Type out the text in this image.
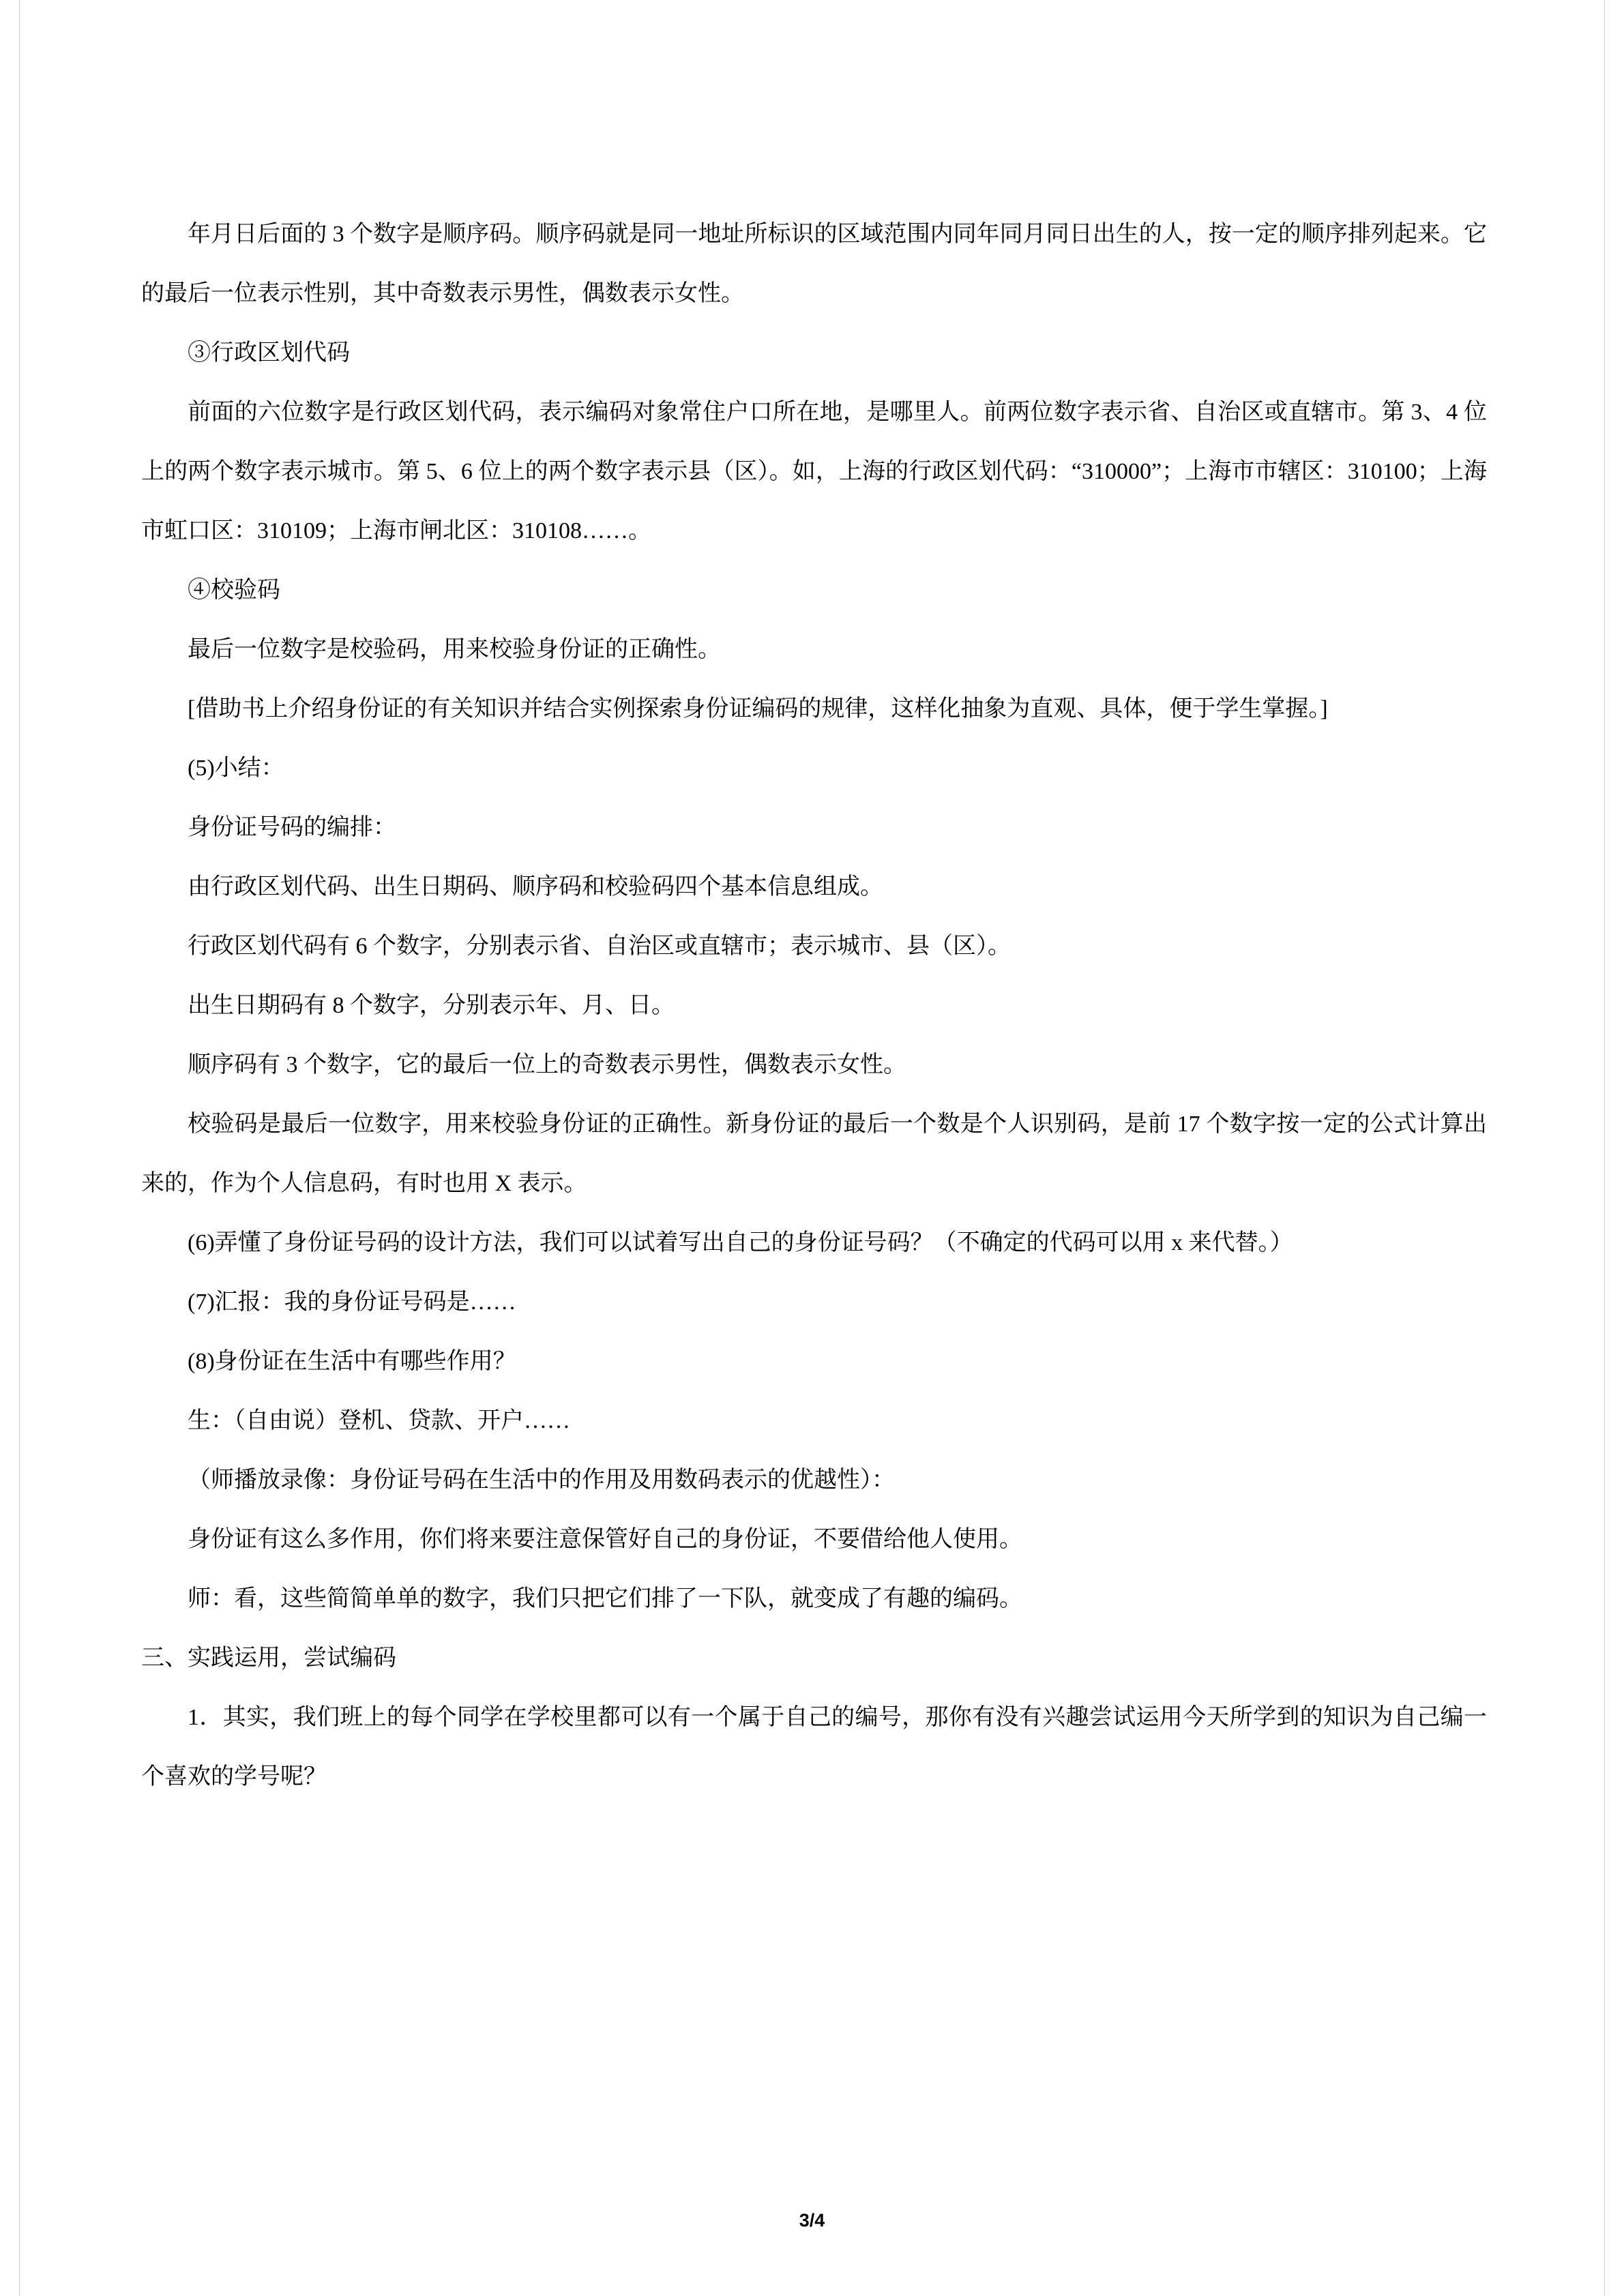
年月日后面的 3 个数字是顺序码。顺序码就是同一地址所标识的区域范围内同年同月同日出生的人，按一定的顺序排列起来。它的最后一位表示性别，其中奇数表示男性，偶数表示女性。

③行政区划代码

前面的六位数字是行政区划代码，表示编码对象常住户口所在地，是哪里人。前两位数字表示省、自治区或直辖市。第 3、4 位上的两个数字表示城市。第 5、6 位上的两个数字表示县（区）。如，上海的行政区划代码：“310000”；上海市市辖区：310100；上海市虹口区：310109；上海市闸北区：310108……。

④校验码

最后一位数字是校验码，用来校验身份证的正确性。

[借助书上介绍身份证的有关知识并结合实例探索身份证编码的规律，这样化抽象为直观、具体，便于学生掌握。]

(5)小结：

身份证号码的编排：

由行政区划代码、出生日期码、顺序码和校验码四个基本信息组成。

行政区划代码有 6 个数字，分别表示省、自治区或直辖市；表示城市、县（区）。

出生日期码有 8 个数字，分别表示年、月、日。

顺序码有 3 个数字，它的最后一位上的奇数表示男性，偶数表示女性。

校验码是最后一位数字，用来校验身份证的正确性。新身份证的最后一个数是个人识别码，是前 17 个数字按一定的公式计算出来的，作为个人信息码，有时也用 X 表示。

(6)弄懂了身份证号码的设计方法，我们可以试着写出自己的身份证号码？（不确定的代码可以用 x 来代替。）

(7)汇报：我的身份证号码是……

(8)身份证在生活中有哪些作用？

生：（自由说）登机、贷款、开户……

（师播放录像：身份证号码在生活中的作用及用数码表示的优越性）：

身份证有这么多作用，你们将来要注意保管好自己的身份证，不要借给他人使用。

师：看，这些简简单单的数字，我们只把它们排了一下队，就变成了有趣的编码。

三、实践运用，尝试编码

1．其实，我们班上的每个同学在学校里都可以有一个属于自己的编号，那你有没有兴趣尝试运用今天所学到的知识为自己编一个喜欢的学号呢？

3/4
